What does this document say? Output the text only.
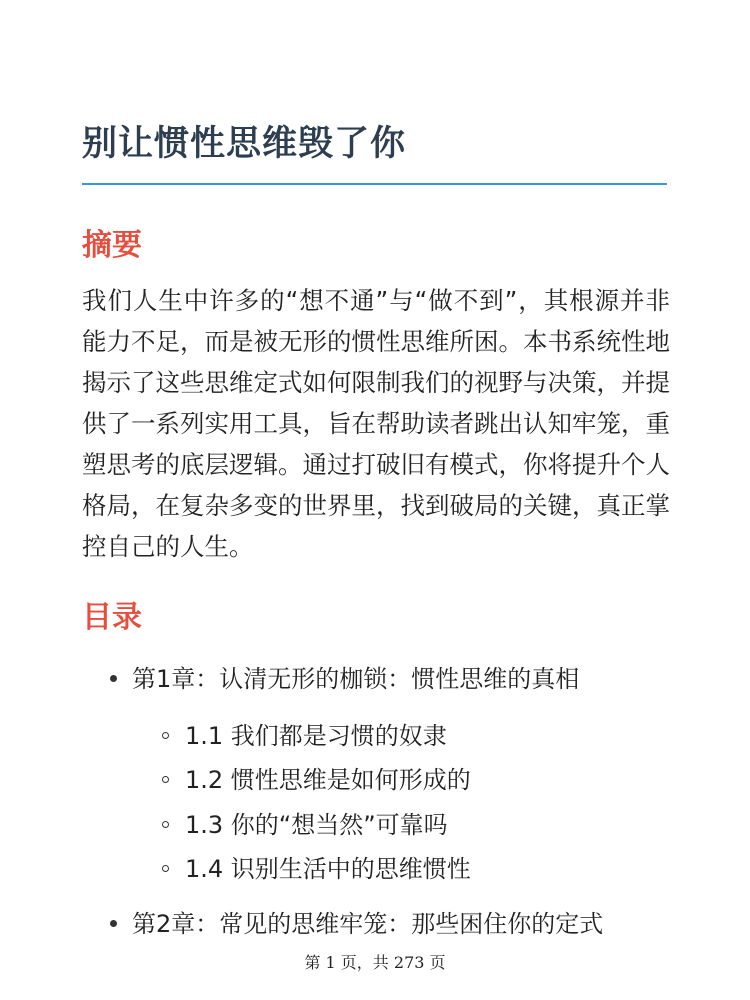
别让惯性思维毁了你
摘要

我们人生中许多的“想不通”与“做不到”，其根源并非能力不足，而是被无形的惯性思维所困。本书系统性地揭示了这些思维定式如何限制我们的视野与决策，并提供了一系列实用工具，旨在帮助读者跳出认知牢笼，重塑思考的底层逻辑。通过打破旧有模式，你将提升个人格局，在复杂多变的世界里，找到破局的关键，真正掌控自己的人生。

目录
第1章：认清无形的枷锁：惯性思维的真相
1.1 我们都是习惯的奴隶
1.2 惯性思维是如何形成的
1.3 你的“想当然”可靠吗
1.4 识别生活中的思维惯性
第2章：常见的思维牢笼：那些困住你的定式
第 1 页，共 273 页
